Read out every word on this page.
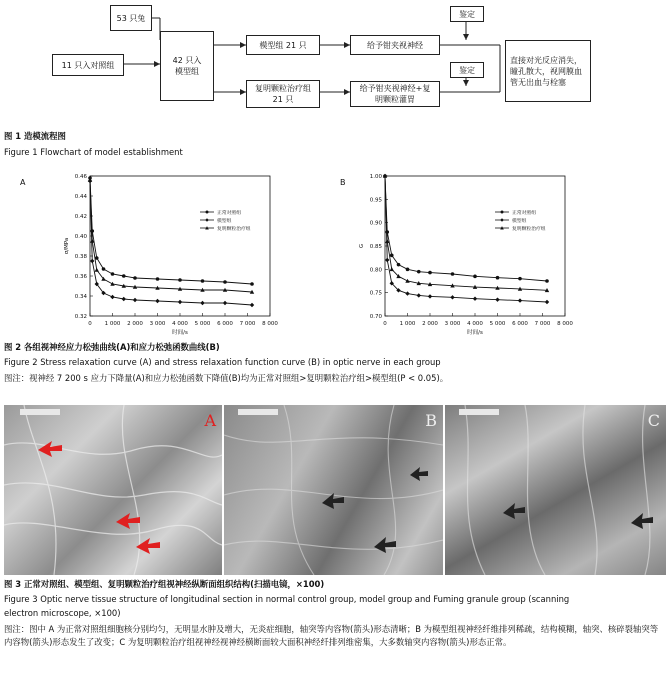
53 只兔
11 只入对照组	42 只入模型组
模型组 21 只
复明颗粒治疗组 21 只
给予钳夹视神经
给予钳夹视神经+复明颗粒灌胃
鉴定
鉴定
直接对光反应消失，瞳孔散大，视网膜血管无出血与栓塞
图 1 造模流程图
Figure 1 Flowchart of model establishment
A	B
0 1 000 2 000 3 000 4 000 5 000 6 000 7 000 8 000
0.32
0.34
0.36
0.38
0.40
0.42
0.44
0.46
时间/s
σ/MPa
正常对照组
模型组
复明颗粒治疗组
0 1 000 2 000 3 000 4 000 5 000 6 000 7 000 8 000
0.70
0.75
0.80
0.85
0.90
0.95
1.00
时间/s
G
正常对照组
模型组
复明颗粒治疗组
图 2 各组视神经应力松弛曲线(A)和应力松弛函数曲线(B)
Figure 2 Stress relaxation curve (A) and stress relaxation function curve (B) in optic nerve in each group
图注：视神经 7 200 s 应力下降量(A)和应力松弛函数下降值(B)均为正常对照组>复明颗粒治疗组>模型组(P < 0.05)。
A	B	C
图 3 正常对照组、模型组、复明颗粒治疗组视神经纵断面组织结构(扫描电镜，×100)
Figure 3 Optic nerve tissue structure of longitudinal section in normal control group, model group and Fuming granule group (scanning
electron microscope, ×100)
图注：图中 A 为正常对照组细胞核分别均匀，无明显水肿及增大，无炎症细胞，轴突等内容物(箭头)形态清晰；B 为模型组视神经纤维排列稀疏，结构模糊，轴突、核碎裂轴突等内容物(箭头)形态发生了改变；C 为复明颗粒治疗组视神经视神经横断面较大面积神经纤排列维密集，大多数轴突内容物(箭头)形态正常。
